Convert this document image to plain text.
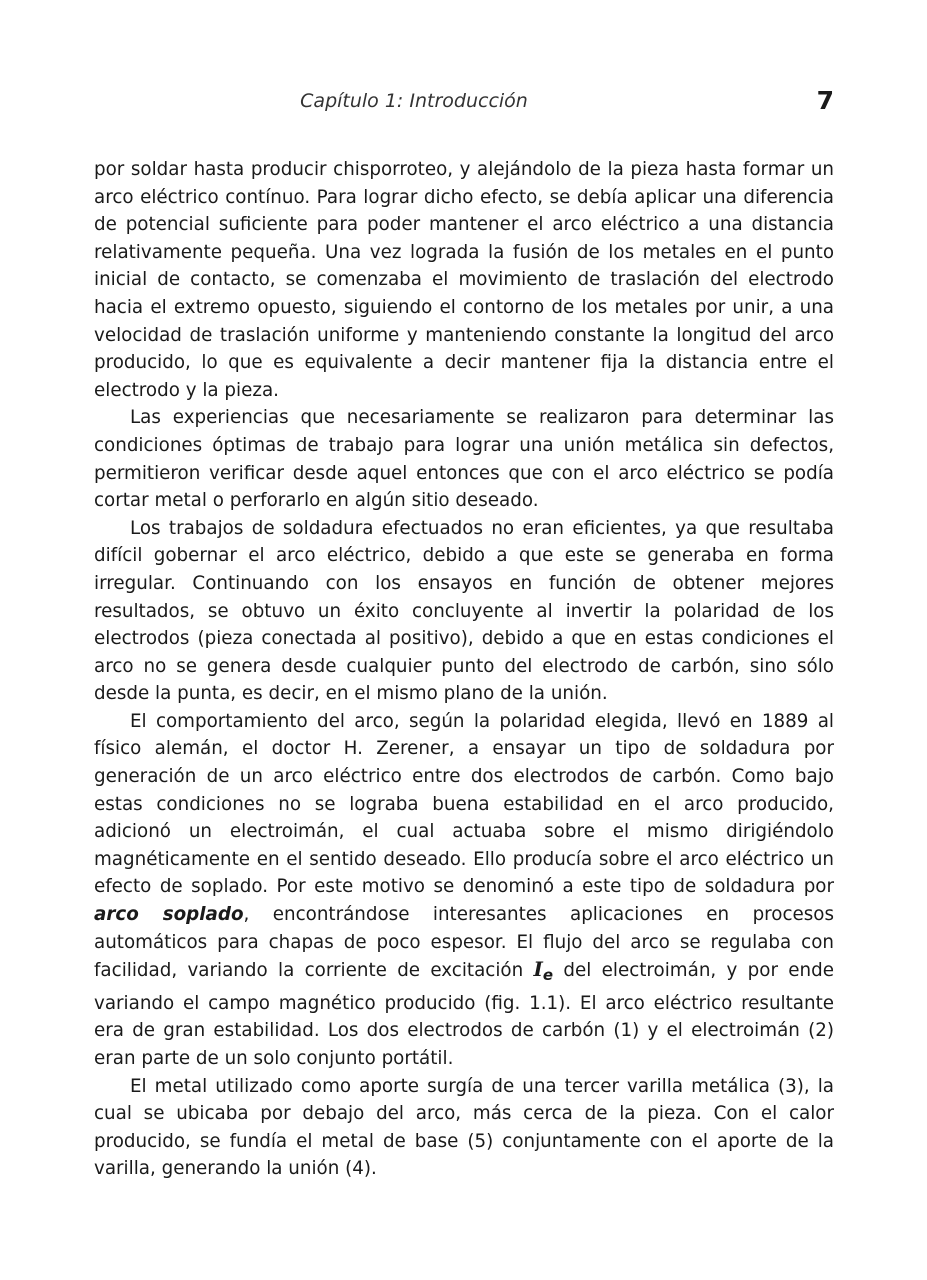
Capítulo 1: Introducción	7

por soldar hasta producir chisporroteo, y alejándolo de la pieza hasta formar un arco eléctrico contínuo. Para lograr dicho efecto, se debía aplicar una diferencia de potencial suficiente para poder mantener el arco eléctrico a una distancia relativamente pequeña. Una vez lograda la fusión de los metales en el punto inicial de contacto, se comenzaba el movimiento de traslación del electrodo hacia el extremo opuesto, siguiendo el contorno de los metales por unir, a una velocidad de traslación uniforme y manteniendo constante la longitud del arco producido, lo que es equivalente a decir mantener fija la distancia entre el electrodo y la pieza.

Las experiencias que necesariamente se realizaron para determinar las condiciones óptimas de trabajo para lograr una unión metálica sin defectos, permitieron verificar desde aquel entonces que con el arco eléctrico se podía cortar metal o perforarlo en algún sitio deseado.

Los trabajos de soldadura efectuados no eran eficientes, ya que resultaba difícil gobernar el arco eléctrico, debido a que este se generaba en forma irregular. Continuando con los ensayos en función de obtener mejores resultados, se obtuvo un éxito concluyente al invertir la polaridad de los electrodos (pieza conectada al positivo), debido a que en estas condiciones el arco no se genera desde cualquier punto del electrodo de carbón, sino sólo desde la punta, es decir, en el mismo plano de la unión.

El comportamiento del arco, según la polaridad elegida, llevó en 1889 al físico alemán, el doctor H. Zerener, a ensayar un tipo de soldadura por generación de un arco eléctrico entre dos electrodos de carbón. Como bajo estas condiciones no se lograba buena estabilidad en el arco producido, adicionó un electroimán, el cual actuaba sobre el mismo dirigiéndolo magnéticamente en el sentido deseado. Ello producía sobre el arco eléctrico un efecto de soplado. Por este motivo se denominó a este tipo de soldadura por arco soplado, encontrándose interesantes aplicaciones en procesos automáticos para chapas de poco espesor. El flujo del arco se regulaba con facilidad, variando la corriente de excitación $I_e$ del electroimán, y por ende variando el campo magnético producido (fig. 1.1). El arco eléctrico resultante era de gran estabilidad. Los dos electrodos de carbón (1) y el electroimán (2) eran parte de un solo conjunto portátil.

El metal utilizado como aporte surgía de una tercer varilla metálica (3), la cual se ubicaba por debajo del arco, más cerca de la pieza. Con el calor producido, se fundía el metal de base (5) conjuntamente con el aporte de la varilla, generando la unión (4).
